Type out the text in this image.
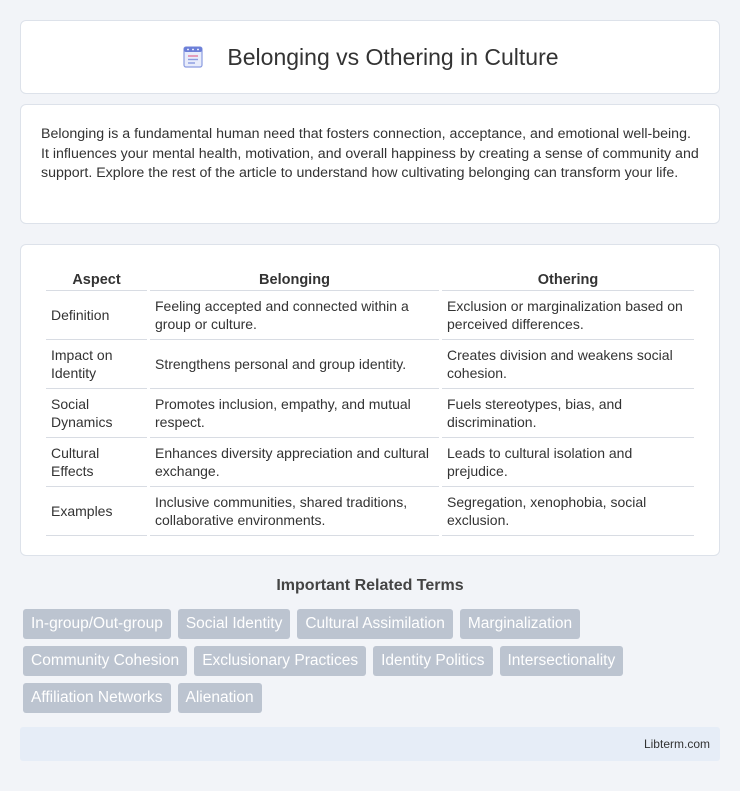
Belonging vs Othering in Culture

Belonging is a fundamental human need that fosters connection, acceptance, and emotional well-being. It influences your mental health, motivation, and overall happiness by creating a sense of community and support. Explore the rest of the article to understand how cultivating belonging can transform your life.

Aspect	Belonging	Othering
Definition	Feeling accepted and connected within a group or culture.	Exclusion or marginalization based on perceived differences.
Impact on Identity	Strengthens personal and group identity.	Creates division and weakens social cohesion.
Social Dynamics	Promotes inclusion, empathy, and mutual respect.	Fuels stereotypes, bias, and discrimination.
Cultural Effects	Enhances diversity appreciation and cultural exchange.	Leads to cultural isolation and prejudice.
Examples	Inclusive communities, shared traditions, collaborative environments.	Segregation, xenophobia, social exclusion.
Important Related Terms
In-group/Out-group	Social Identity	Cultural Assimilation	Marginalization
Community Cohesion	Exclusionary Practices	Identity Politics	Intersectionality
Affiliation Networks	Alienation
Libterm.com
